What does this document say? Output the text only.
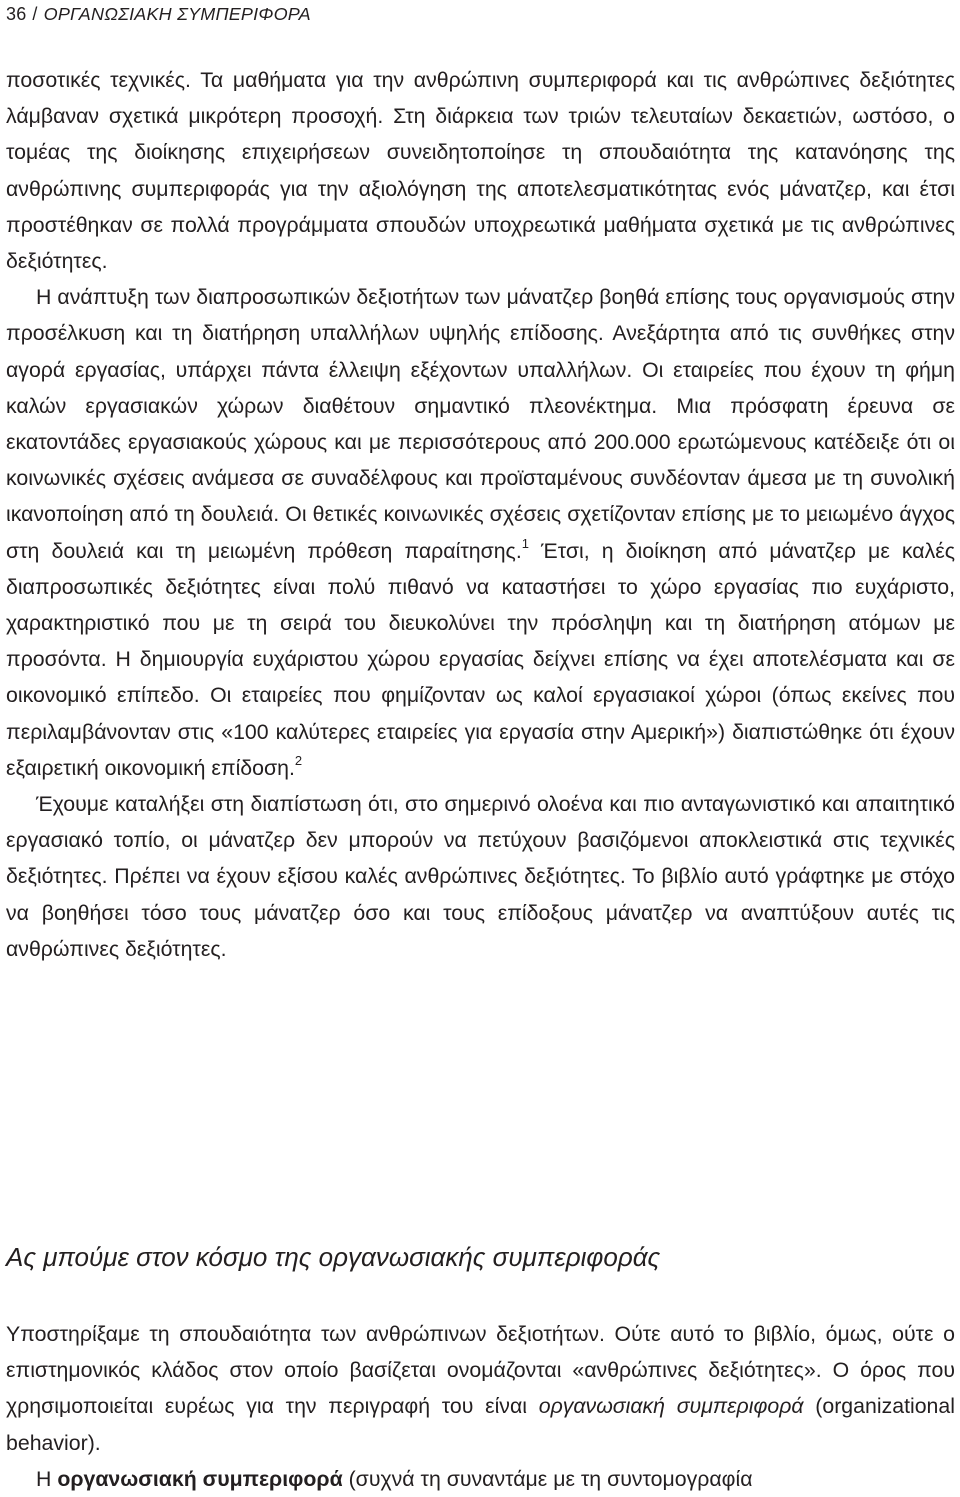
36 / ΟΡΓΑΝΩΣΙΑΚΗ ΣΥΜΠΕΡΙΦΟΡΑ

ποσοτικές τεχνικές. Τα μαθήματα για την ανθρώπινη συμπεριφορά και τις ανθρώπινες δεξιότητες λάμβαναν σχετικά μικρότερη προσοχή. Στη διάρκεια των τριών τελευταίων δεκαετιών, ωστόσο, ο τομέας της διοίκησης επιχειρήσεων συνειδητοποίησε τη σπουδαιότητα της κατανόησης της ανθρώπινης συμπεριφοράς για την αξιολόγηση της αποτελεσματικότητας ενός μάνατζερ, και έτσι προστέθηκαν σε πολλά προγράμματα σπουδών υποχρεωτικά μαθήματα σχετικά με τις ανθρώπινες δεξιότητες.

Η ανάπτυξη των διαπροσωπικών δεξιοτήτων των μάνατζερ βοηθά επίσης τους οργανισμούς στην προσέλκυση και τη διατήρηση υπαλλήλων υψηλής επίδοσης. Ανεξάρτητα από τις συνθήκες στην αγορά εργασίας, υπάρχει πάντα έλλειψη εξέχοντων υπαλλήλων. Οι εταιρείες που έχουν τη φήμη καλών εργασιακών χώρων διαθέτουν σημαντικό πλεονέκτημα. Μια πρόσφατη έρευνα σε εκατοντάδες εργασιακούς χώρους και με περισσότερους από 200.000 ερωτώμενους κατέδειξε ότι οι κοινωνικές σχέσεις ανάμεσα σε συναδέλφους και προϊσταμένους συνδέονταν άμεσα με τη συνολική ικανοποίηση από τη δουλειά. Οι θετικές κοινωνικές σχέσεις σχετίζονταν επίσης με το μειωμένο άγχος στη δουλειά και τη μειωμένη πρόθεση παραίτησης.$^1$ Έτσι, η διοίκηση από μάνατζερ με καλές διαπροσωπικές δεξιότητες είναι πολύ πιθανό να καταστήσει το χώρο εργασίας πιο ευχάριστο, χαρακτηριστικό που με τη σειρά του διευκολύνει την πρόσληψη και τη διατήρηση ατόμων με προσόντα. Η δημιουργία ευχάριστου χώρου εργασίας δείχνει επίσης να έχει αποτελέσματα και σε οικονομικό επίπεδο. Οι εταιρείες που φημίζονταν ως καλοί εργασιακοί χώροι (όπως εκείνες που περιλαμβάνονταν στις «100 καλύτερες εταιρείες για εργασία στην Αμερική») διαπιστώθηκε ότι έχουν εξαιρετική οικονομική επίδοση.$^2$

Έχουμε καταλήξει στη διαπίστωση ότι, στο σημερινό ολοένα και πιο ανταγωνιστικό και απαιτητικό εργασιακό τοπίο, οι μάνατζερ δεν μπορούν να πετύχουν βασιζόμενοι αποκλειστικά στις τεχνικές δεξιότητες. Πρέπει να έχουν εξίσου καλές ανθρώπινες δεξιότητες. Το βιβλίο αυτό γράφτηκε με στόχο να βοηθήσει τόσο τους μάνατζερ όσο και τους επίδοξους μάνατζερ να αναπτύξουν αυτές τις ανθρώπινες δεξιότητες.

Ας μπούμε στον κόσμο της οργανωσιακής συμπεριφοράς

Υποστηρίξαμε τη σπουδαιότητα των ανθρώπινων δεξιοτήτων. Ούτε αυτό το βιβλίο, όμως, ούτε ο επιστημονικός κλάδος στον οποίο βασίζεται ονομάζονται «ανθρώπινες δεξιότητες». Ο όρος που χρησιμοποιείται ευρέως για την περιγραφή του είναι οργανωσιακή συμπεριφορά (organizational behavior).

Η οργανωσιακή συμπεριφορά (συχνά τη συναντάμε με τη συντομογραφία
